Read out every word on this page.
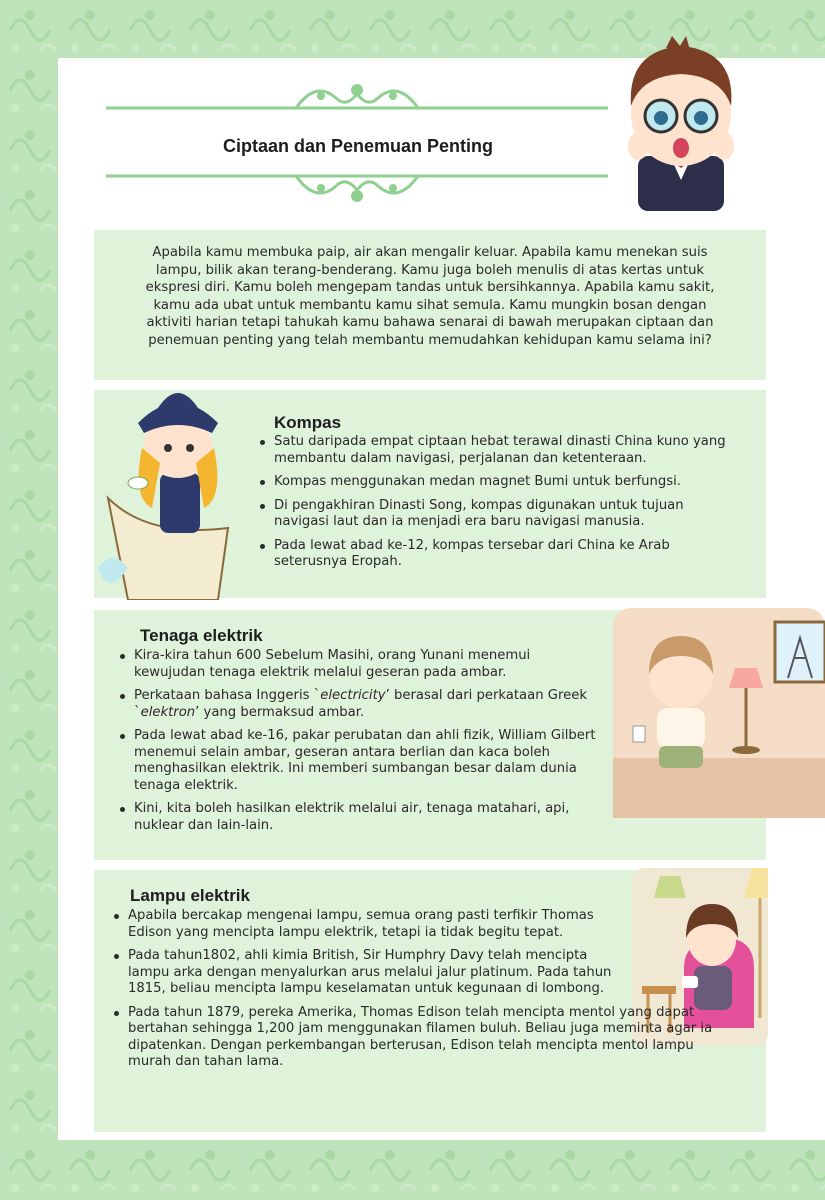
Ciptaan dan Penemuan Penting
Apabila kamu membuka paip, air akan mengalir keluar. Apabila kamu menekan suis lampu, bilik akan terang-benderang. Kamu juga boleh menulis di atas kertas untuk ekspresi diri. Kamu boleh mengepam tandas untuk bersihkannya. Apabila kamu sakit, kamu ada ubat untuk membantu kamu sihat semula. Kamu mungkin bosan dengan aktiviti harian tetapi tahukah kamu bahawa senarai di bawah merupakan ciptaan dan penemuan penting yang telah membantu memudahkan kehidupan kamu selama ini?
Kompas
Satu daripada empat ciptaan hebat terawal dinasti China kuno yang membantu dalam navigasi, perjalanan dan ketenteraan.
Kompas menggunakan medan magnet Bumi untuk berfungsi.
Di pengakhiran Dinasti Song, kompas digunakan untuk tujuan navigasi laut dan ia menjadi era baru navigasi manusia.
Pada lewat abad ke-12, kompas tersebar dari China ke Arab seterusnya Eropah.
Tenaga elektrik
Kira-kira tahun 600 Sebelum Masihi, orang Yunani menemui kewujudan tenaga elektrik melalui geseran pada ambar.
Perkataan bahasa Inggeris `electricity’ berasal dari perkataan Greek `elektron’ yang bermaksud ambar.
Pada lewat abad ke-16, pakar perubatan dan ahli fizik, William Gilbert menemui selain ambar, geseran antara berlian dan kaca boleh menghasilkan elektrik. Ini memberi sumbangan besar dalam dunia tenaga elektrik.
Kini, kita boleh hasilkan elektrik melalui air, tenaga matahari, api, nuklear dan lain-lain.
Lampu elektrik
Apabila bercakap mengenai lampu, semua orang pasti terfikir Thomas Edison yang mencipta lampu elektrik, tetapi ia tidak begitu tepat.
Pada tahun1802, ahli kimia British, Sir Humphry Davy telah mencipta lampu arka dengan menyalurkan arus melalui jalur platinum. Pada tahun 1815, beliau mencipta lampu keselamatan untuk kegunaan di lombong.
Pada tahun 1879, pereka Amerika, Thomas Edison telah mencipta mentol yang dapat bertahan sehingga 1,200 jam menggunakan filamen buluh. Beliau juga meminta agar ia dipatenkan. Dengan perkembangan berterusan, Edison telah mencipta mentol lampu murah dan tahan lama.
